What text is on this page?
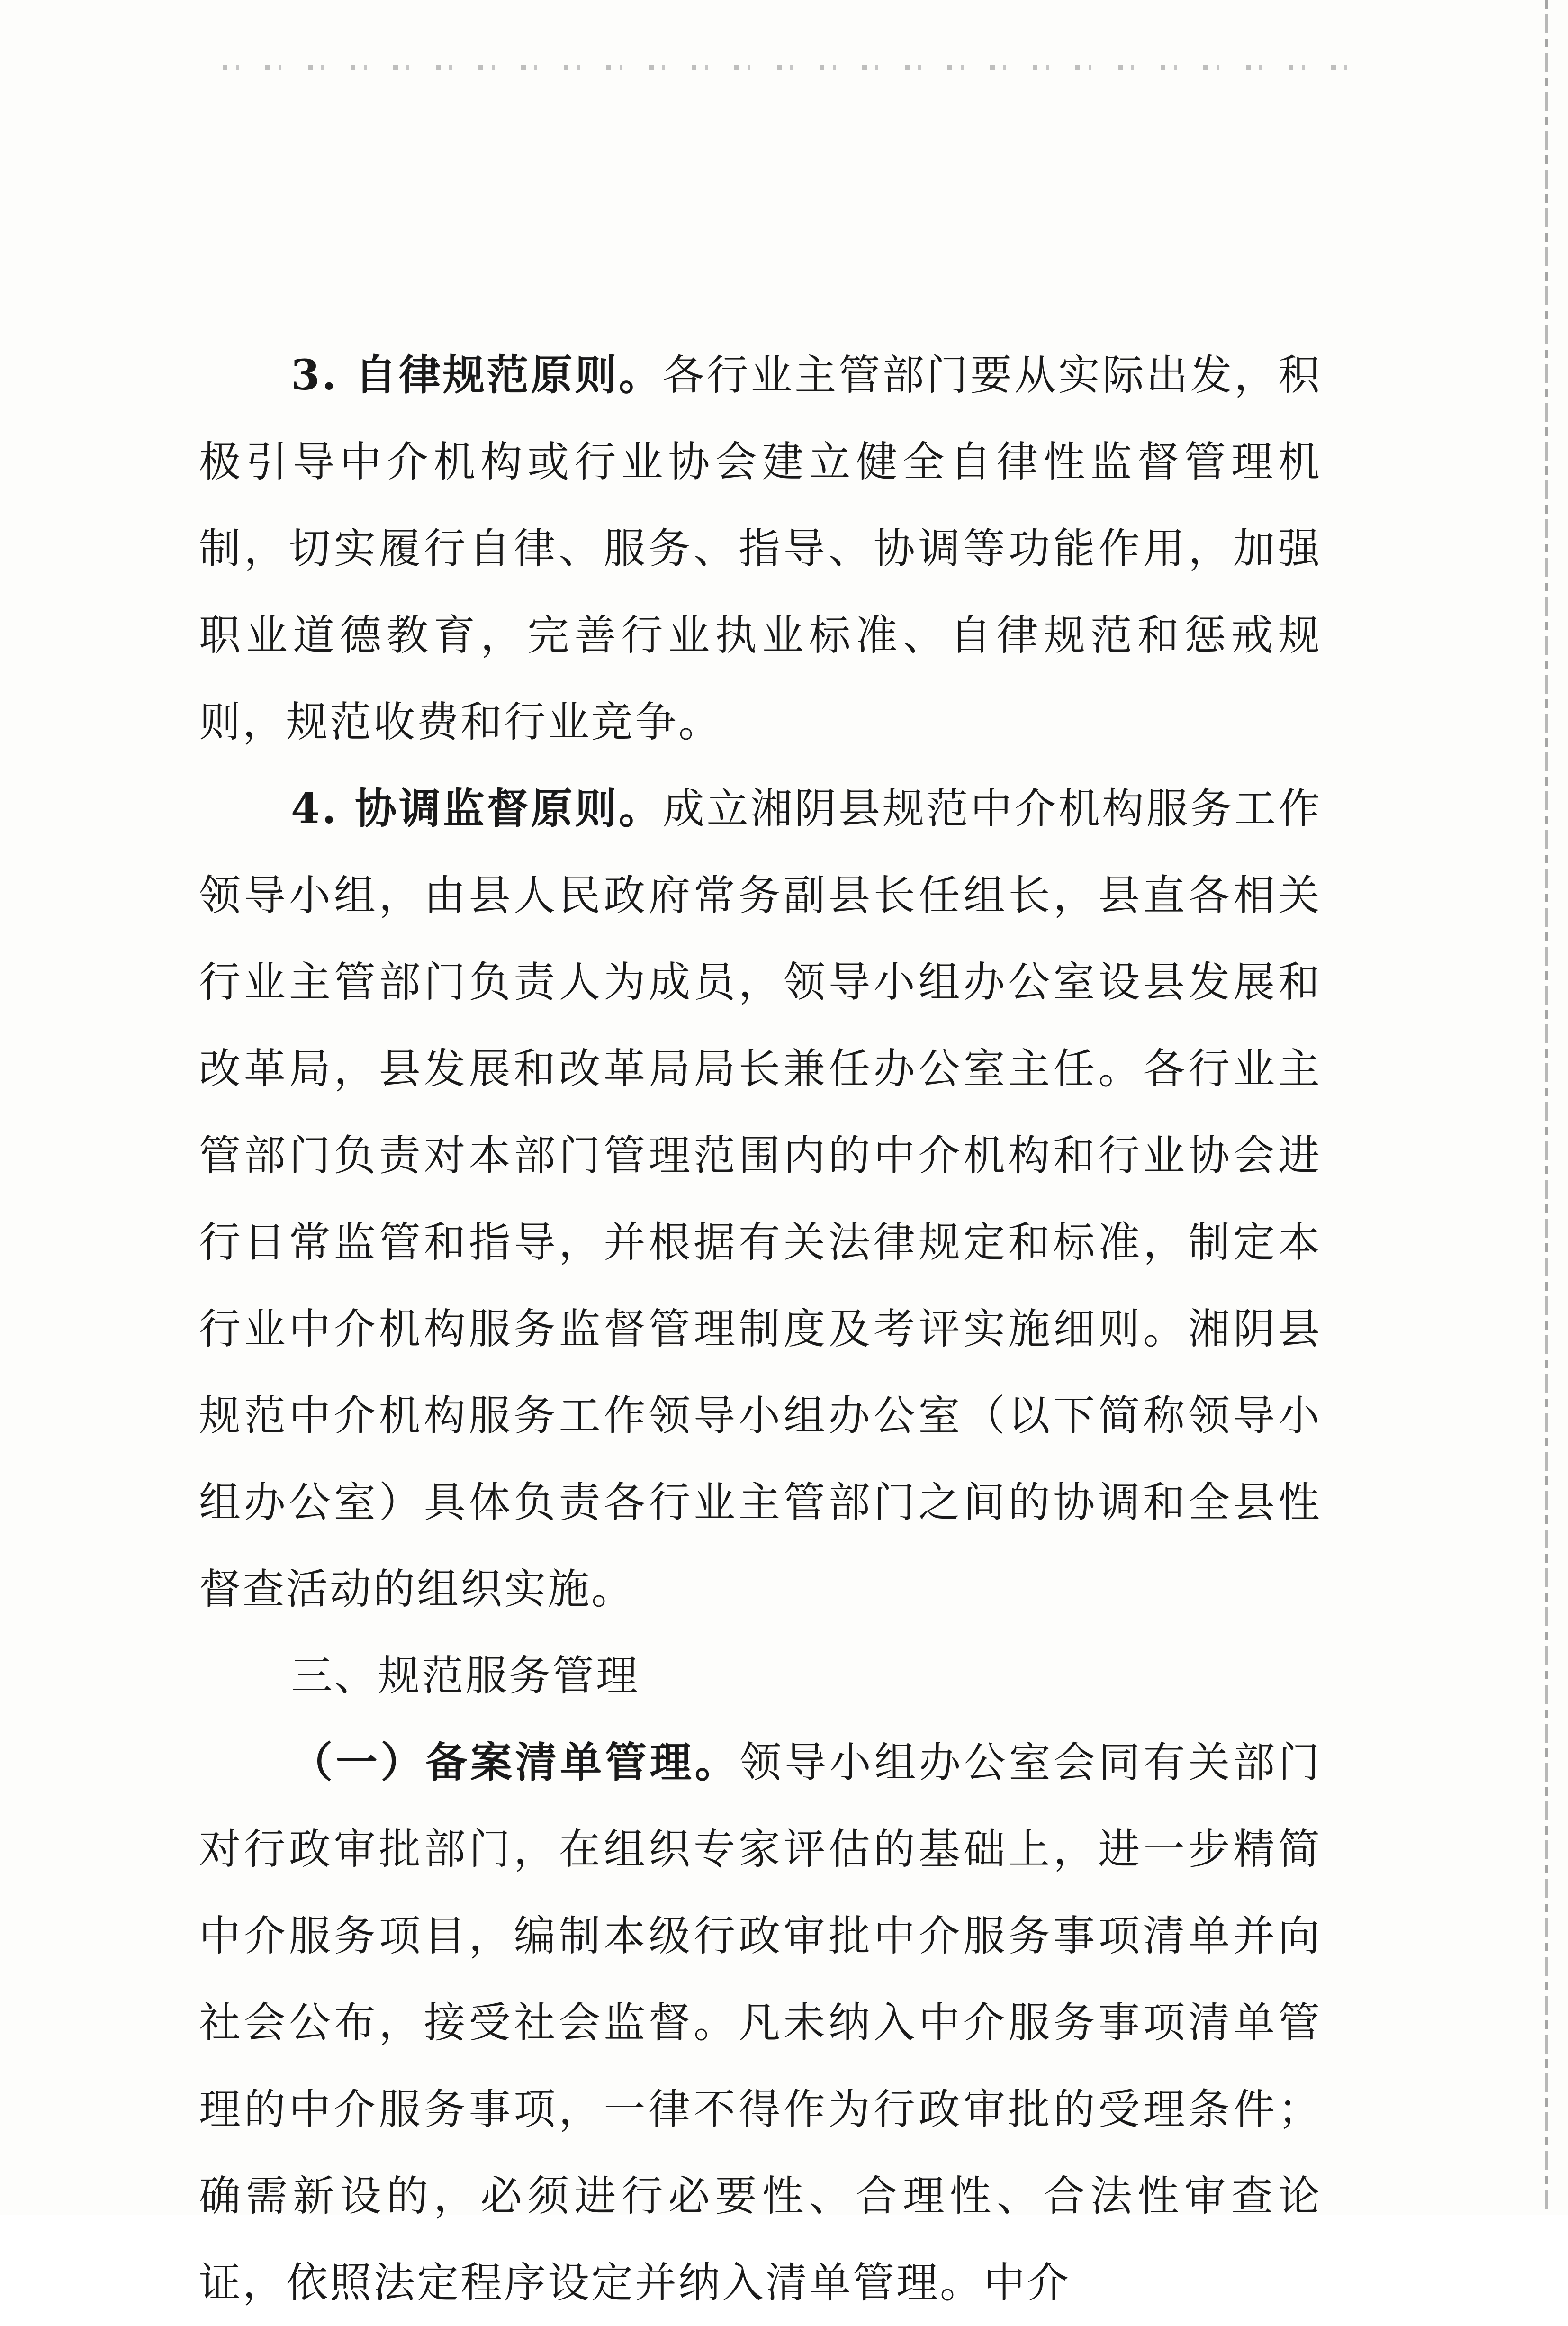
3. 自律规范原则。各行业主管部门要从实际出发，积极引导中介机构或行业协会建立健全自律性监督管理机制，切实履行自律、服务、指导、协调等功能作用，加强职业道德教育，完善行业执业标准、自律规范和惩戒规则，规范收费和行业竞争。

4. 协调监督原则。成立湘阴县规范中介机构服务工作领导小组，由县人民政府常务副县长任组长，县直各相关行业主管部门负责人为成员，领导小组办公室设县发展和改革局，县发展和改革局局长兼任办公室主任。各行业主管部门负责对本部门管理范围内的中介机构和行业协会进行日常监管和指导，并根据有关法律规定和标准，制定本行业中介机构服务监督管理制度及考评实施细则。湘阴县规范中介机构服务工作领导小组办公室（以下简称领导小组办公室）具体负责各行业主管部门之间的协调和全县性督查活动的组织实施。

三、规范服务管理

（一）备案清单管理。领导小组办公室会同有关部门对行政审批部门，在组织专家评估的基础上，进一步精简中介服务项目，编制本级行政审批中介服务事项清单并向社会公布，接受社会监督。凡未纳入中介服务事项清单管理的中介服务事项，一律不得作为行政审批的受理条件；确需新设的，必须进行必要性、合理性、合法性审查论证，依照法定程序设定并纳入清单管理。中介
